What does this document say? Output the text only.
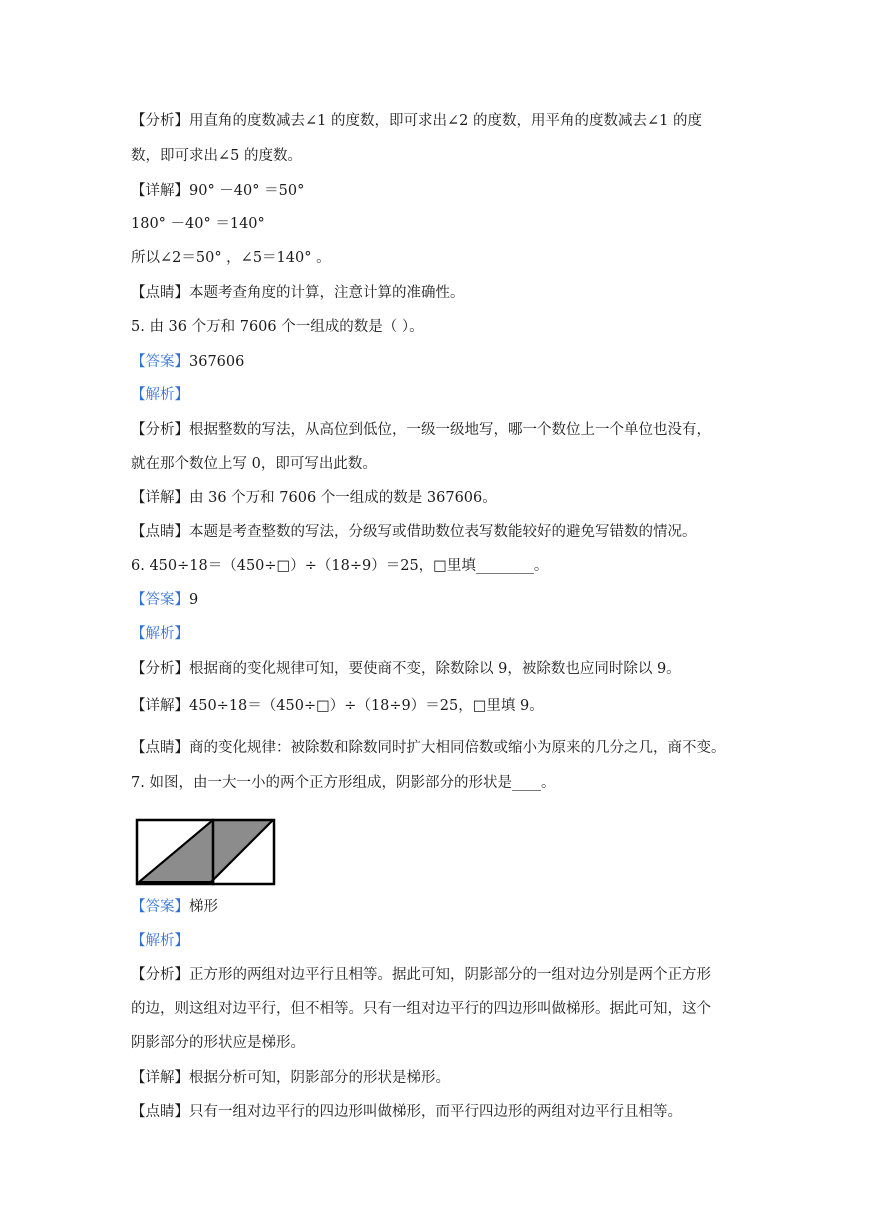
【分析】用直角的度数减去∠1 的度数，即可求出∠2 的度数，用平角的度数减去∠1 的度
数，即可求出∠5 的度数。
【详解】90° －40° ＝50°
180° －40° ＝140°
所以∠2＝50° ，∠5＝140° 。
【点睛】本题考查角度的计算，注意计算的准确性。
5. 由 36 个万和 7606 个一组成的数是（ ）。
【答案】367606
【解析】
【分析】根据整数的写法，从高位到低位，一级一级地写，哪一个数位上一个单位也没有，
就在那个数位上写 0，即可写出此数。
【详解】由 36 个万和 7606 个一组成的数是 367606。
【点睛】本题是考查整数的写法，分级写或借助数位表写数能较好的避免写错数的情况。
6. 450÷18＝（450÷□）÷（18÷9）＝25，□里填________。
【答案】9
【解析】
【分析】根据商的变化规律可知，要使商不变，除数除以 9，被除数也应同时除以 9。
【详解】450÷18＝（450÷□）÷（18÷9）＝25，□里填 9。
【点睛】商的变化规律：被除数和除数同时扩大相同倍数或缩小为原来的几分之几，商不变。
7. 如图，由一大一小的两个正方形组成，阴影部分的形状是____。
【答案】梯形
【解析】
【分析】正方形的两组对边平行且相等。据此可知，阴影部分的一组对边分别是两个正方形
的边，则这组对边平行，但不相等。只有一组对边平行的四边形叫做梯形。据此可知，这个
阴影部分的形状应是梯形。
【详解】根据分析可知，阴影部分的形状是梯形。
【点睛】只有一组对边平行的四边形叫做梯形，而平行四边形的两组对边平行且相等。
